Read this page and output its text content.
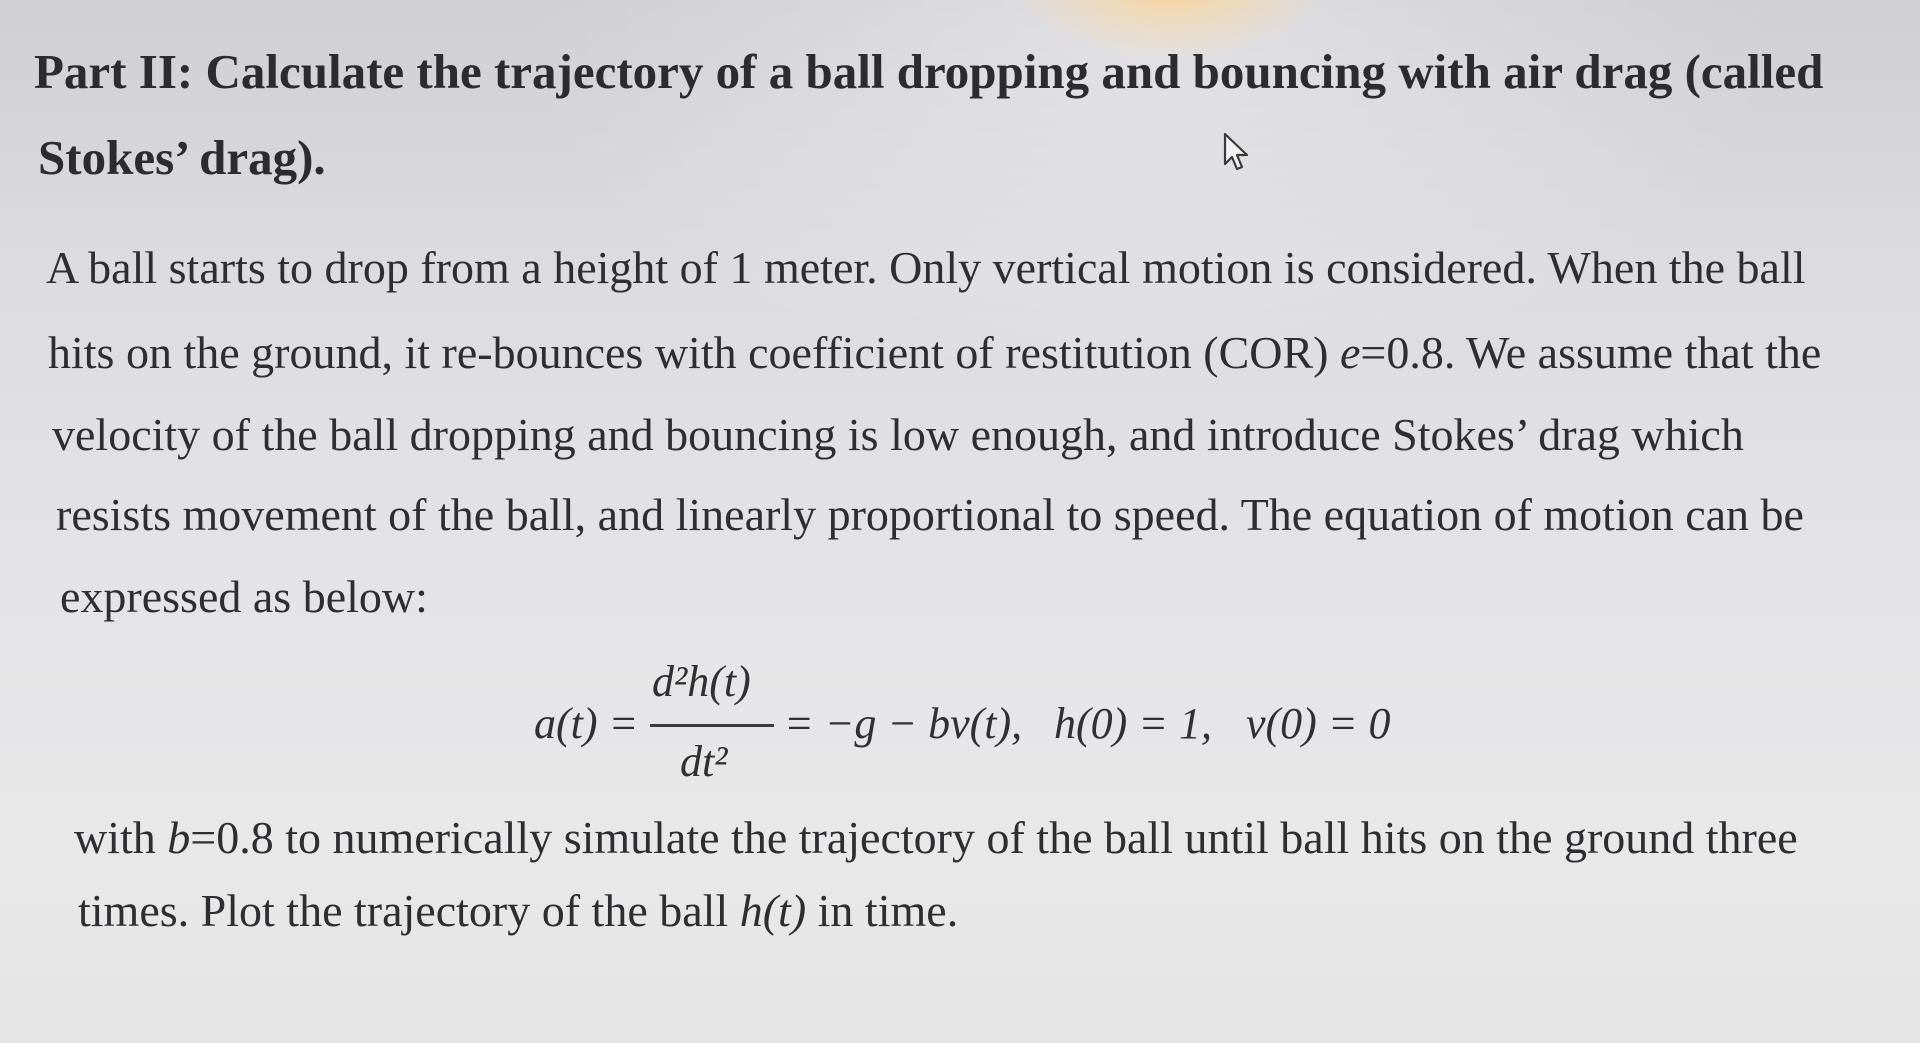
Part II: Calculate the trajectory of a ball dropping and bouncing with air drag (called
Stokes’ drag).
A ball starts to drop from a height of 1 meter. Only vertical motion is considered. When the ball
hits on the ground, it re-bounces with coefficient of restitution (COR) e=0.8. We assume that the
velocity of the ball dropping and bouncing is low enough, and introduce Stokes’ drag which
resists movement of the ball, and linearly proportional to speed. The equation of motion can be
expressed as below:
a(t) =
d²h(t)
dt²
= −g − bv(t), h(0) = 1, v(0) = 0
with b=0.8 to numerically simulate the trajectory of the ball until ball hits on the ground three
times. Plot the trajectory of the ball h(t) in time.
